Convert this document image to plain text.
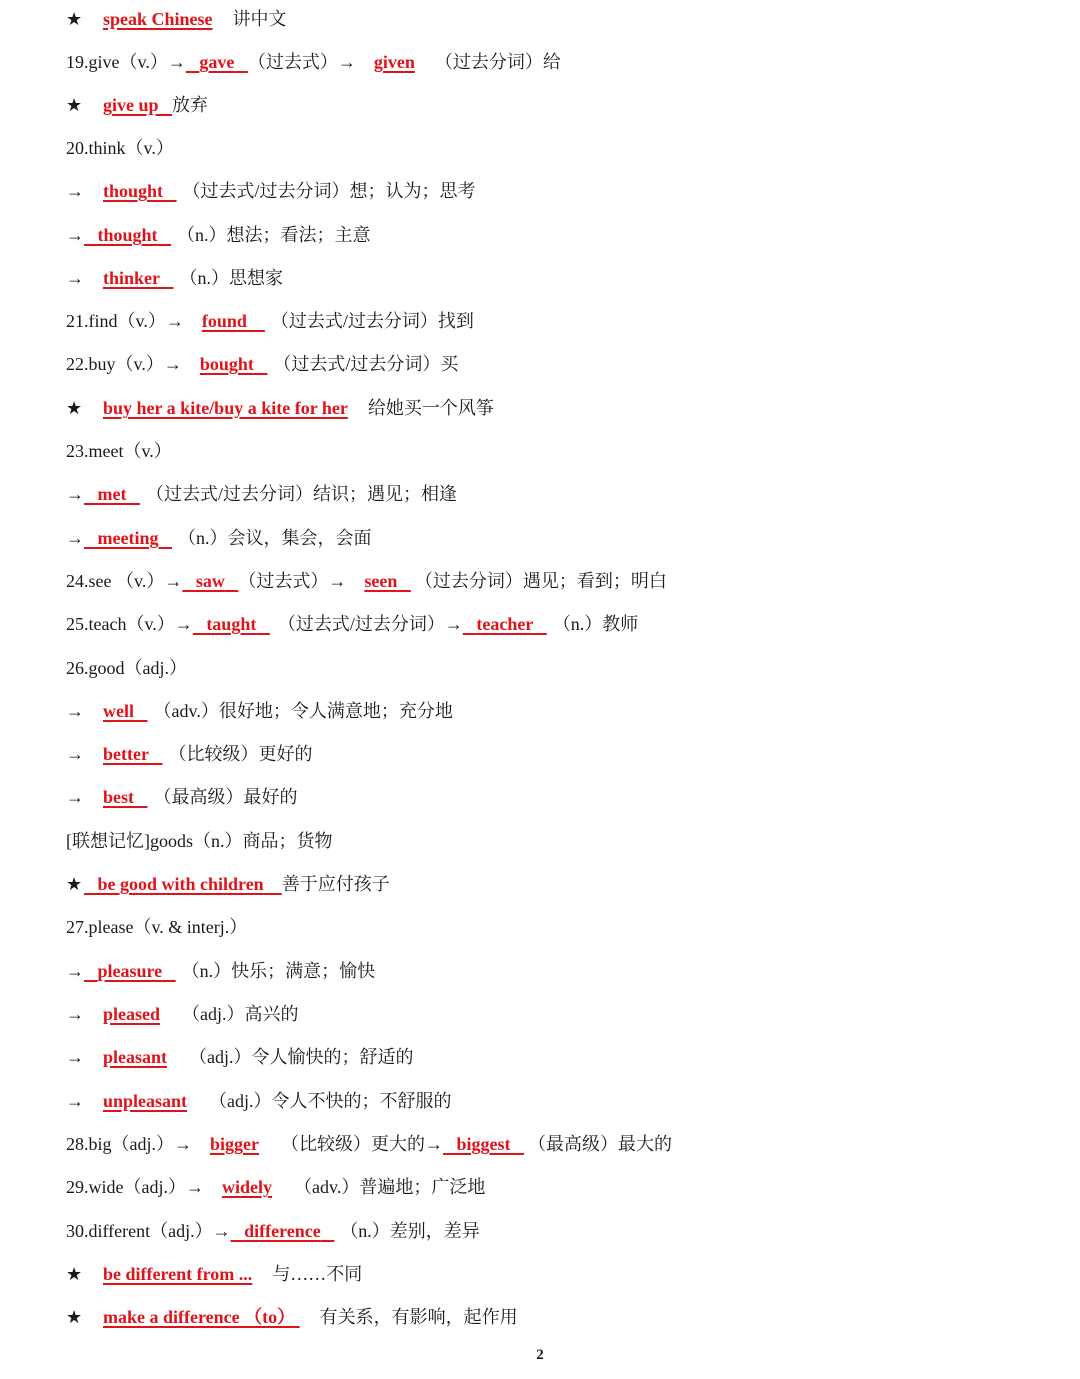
★ speak Chinese 讲中文
19.give（v.）→ gave （过去式）→ given （过去分词）给
★ give up 放弃
20.think（v.）
→ thought （过去式/过去分词）想；认为；思考
→ thought （n.）想法；看法；主意
→ thinker （n.）思想家
21.find（v.）→ found （过去式/过去分词）找到
22.buy（v.）→ bought （过去式/过去分词）买
★ buy her a kite/buy a kite for her 给她买一个风筝
23.meet（v.）
→ met （过去式/过去分词）结识；遇见；相逢
→ meeting （n.）会议，集会，会面
24.see （v.）→ saw （过去式）→ seen （过去分词）遇见；看到；明白
25.teach（v.）→ taught （过去式/过去分词）→ teacher （n.）教师
26.good（adj.）
→ well （adv.）很好地；令人满意地；充分地
→ better （比较级）更好的
→ best （最高级）最好的
[联想记忆]goods（n.）商品；货物
★ be good with children 善于应付孩子
27.please（v. & interj.）
→ pleasure （n.）快乐；满意；愉快
→ pleased （adj.）高兴的
→ pleasant （adj.）令人愉快的；舒适的
→ unpleasant （adj.）令人不快的；不舒服的
28.big（adj.）→ bigger （比较级）更大的→ biggest （最高级）最大的
29.wide（adj.）→ widely （adv.）普遍地；广泛地
30.different（adj.）→ difference （n.）差别，差异
★ be different from ... 与……不同
★ make a difference （to） 有关系，有影响，起作用
2
